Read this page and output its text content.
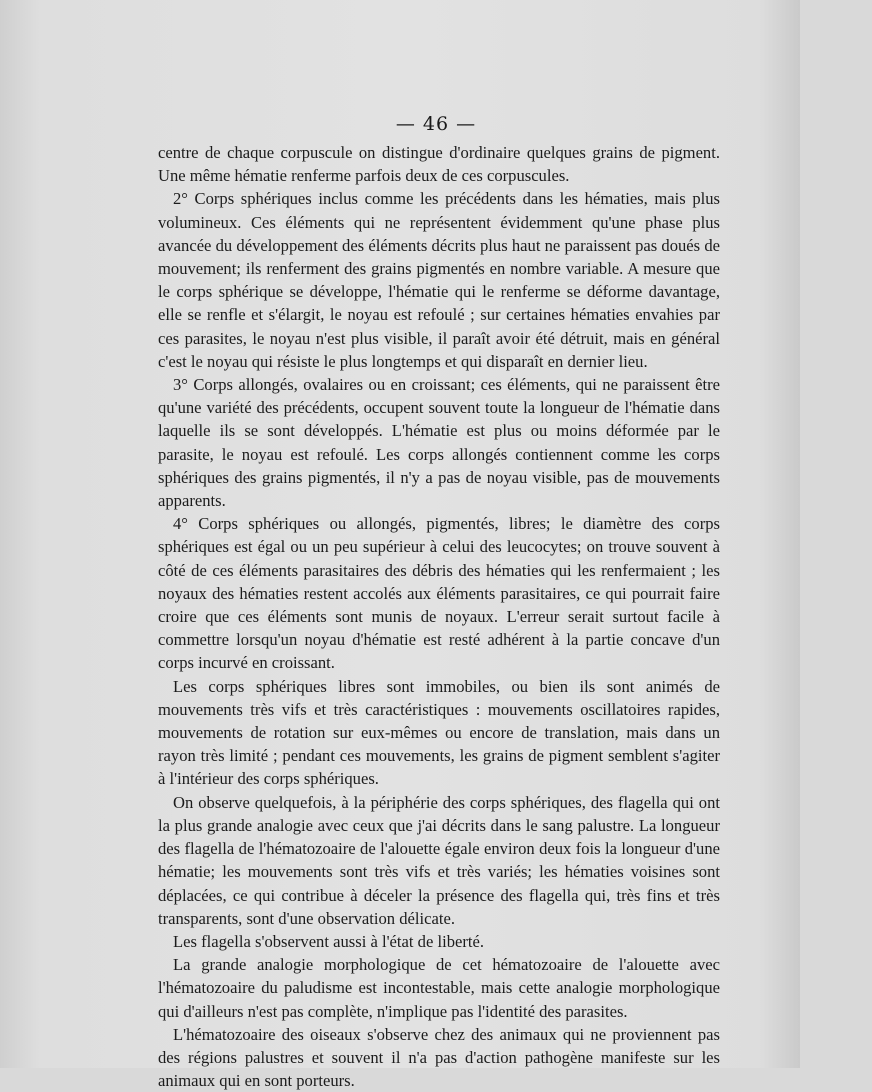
— 46 —

centre de chaque corpuscule on distingue d'ordinaire quelques grains de pigment. Une même hématie renferme parfois deux de ces corpuscules.

2° Corps sphériques inclus comme les précédents dans les hématies, mais plus volumineux. Ces éléments qui ne représentent évidemment qu'une phase plus avancée du développement des éléments décrits plus haut ne paraissent pas doués de mouvement; ils renferment des grains pigmentés en nombre variable. A mesure que le corps sphérique se développe, l'hématie qui le renferme se déforme davantage, elle se renfle et s'élargit, le noyau est refoulé ; sur certaines hématies envahies par ces parasites, le noyau n'est plus visible, il paraît avoir été détruit, mais en général c'est le noyau qui résiste le plus longtemps et qui disparaît en dernier lieu.

3° Corps allongés, ovalaires ou en croissant; ces éléments, qui ne paraissent être qu'une variété des précédents, occupent souvent toute la longueur de l'hématie dans laquelle ils se sont développés. L'hématie est plus ou moins déformée par le parasite, le noyau est refoulé. Les corps allongés contiennent comme les corps sphériques des grains pigmentés, il n'y a pas de noyau visible, pas de mouvements apparents.

4° Corps sphériques ou allongés, pigmentés, libres; le diamètre des corps sphériques est égal ou un peu supérieur à celui des leucocytes; on trouve souvent à côté de ces éléments parasitaires des débris des hématies qui les renfermaient ; les noyaux des hématies restent accolés aux éléments parasitaires, ce qui pourrait faire croire que ces éléments sont munis de noyaux. L'erreur serait surtout facile à commettre lorsqu'un noyau d'hématie est resté adhérent à la partie concave d'un corps incurvé en croissant.

Les corps sphériques libres sont immobiles, ou bien ils sont animés de mouvements très vifs et très caractéristiques : mouvements oscillatoires rapides, mouvements de rotation sur eux-mêmes ou encore de translation, mais dans un rayon très limité ; pendant ces mouvements, les grains de pigment semblent s'agiter à l'intérieur des corps sphériques.

On observe quelquefois, à la périphérie des corps sphériques, des flagella qui ont la plus grande analogie avec ceux que j'ai décrits dans le sang palustre. La longueur des flagella de l'hématozoaire de l'alouette égale environ deux fois la longueur d'une hématie; les mouvements sont très vifs et très variés; les hématies voisines sont déplacées, ce qui contribue à déceler la présence des flagella qui, très fins et très transparents, sont d'une observation délicate.

Les flagella s'observent aussi à l'état de liberté.

La grande analogie morphologique de cet hématozoaire de l'alouette avec l'hématozoaire du paludisme est incontestable, mais cette analogie morphologique qui d'ailleurs n'est pas complète, n'implique pas l'identité des parasites.

L'hématozoaire des oiseaux s'observe chez des animaux qui ne proviennent pas des régions palustres et souvent il n'a pas d'action pathogène manifeste sur les animaux qui en sont porteurs.
